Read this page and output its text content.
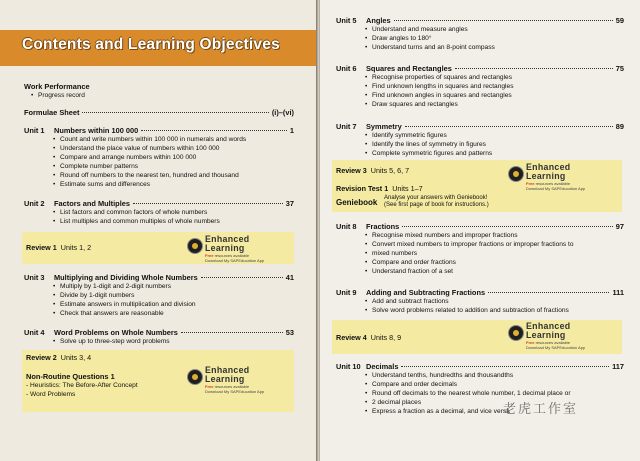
Contents and Learning Objectives
Work Performance
• Progress record
Formulae Sheet	(i)–(vi)
Unit 1	Numbers within 100 000	1
• Count and write numbers within 100 000 in numerals and words
• Understand the place value of numbers within 100 000
• Compare and arrange numbers within 100 000
• Complete number patterns
• Round off numbers to the nearest ten, hundred and thousand
• Estimate sums and differences
Unit 2	Factors and Multiples	37
• List factors and common factors of whole numbers
• List multiples and common multiples of whole numbers
Review 1 Units 1, 2
Enhanced
Learning
Free resources available
Download My SAPEducation App
Unit 3	Multiplying and Dividing Whole Numbers	41
• Multiply by 1-digit and 2-digit numbers
• Divide by 1-digit numbers
• Estimate answers in multiplication and division
• Check that answers are reasonable
Unit 4	Word Problems on Whole Numbers	53
• Solve up to three-step word problems
Review 2 Units 3, 4
Non-Routine Questions 1
- Heuristics: The Before-After Concept
- Word Problems
Enhanced
Learning
Free resources available
Download My SAPEducation App
Unit 5	Angles	59
• Understand and measure angles
• Draw angles to 180°
• Understand turns and an 8-point compass
Unit 6	Squares and Rectangles	75
• Recognise properties of squares and rectangles
• Find unknown lengths in squares and rectangles
• Find unknown angles in squares and rectangles
• Draw squares and rectangles
Unit 7	Symmetry	89
• Identify symmetric figures
• Identify the lines of symmetry in figures
• Complete symmetric figures and patterns
Review 3 Units 5, 6, 7
Revision Test 1 Units 1–7
Geniebook Analyse your answers with Geniebook!
(See first page of book for instructions.)
Enhanced
Learning
Free resources available
Download My SAPEducation App
Unit 8	Fractions	97
• Recognise mixed numbers and improper fractions
• Convert mixed numbers to improper fractions or improper fractions to
• mixed numbers
• Compare and order fractions
• Understand fraction of a set
Unit 9	Adding and Subtracting Fractions	111
• Add and subtract fractions
• Solve word problems related to addition and subtraction of fractions
Review 4 Units 8, 9
Enhanced
Learning
Free resources available
Download My SAPEducation App
Unit 10 Decimals	117
• Understand tenths, hundredths and thousandths
• Compare and order decimals
• Round off decimals to the nearest whole number, 1 decimal place or
• 2 decimal places
• Express a fraction as a decimal, and vice versa
老虎工作室
